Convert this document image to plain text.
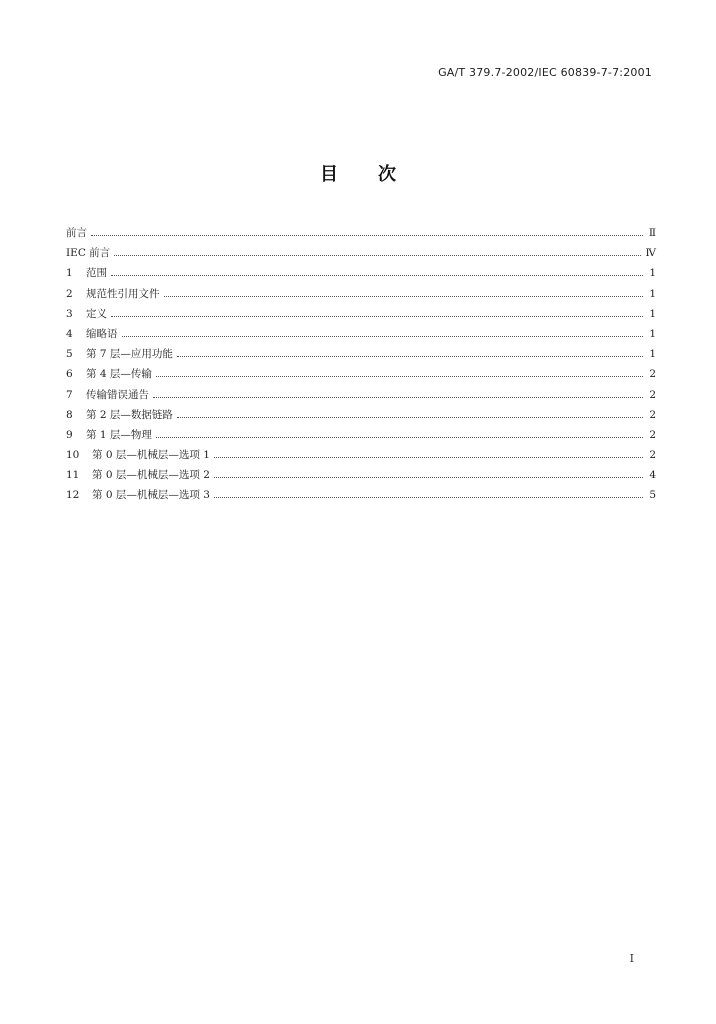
GA/T 379.7-2002/IEC 60839-7-7:2001
目次
前言	Ⅱ
IEC 前言	Ⅳ
1	范围	1
2	规范性引用文件	1
3	定义	1
4	缩略语	1
5	第 7 层—应用功能	1
6	第 4 层—传输	2
7	传输错误通告	2
8	第 2 层—数据链路	2
9	第 1 层—物理	2
10	第 0 层—机械层—选项 1	2
11	第 0 层—机械层—选项 2	4
12	第 0 层—机械层—选项 3	5
Ⅰ
